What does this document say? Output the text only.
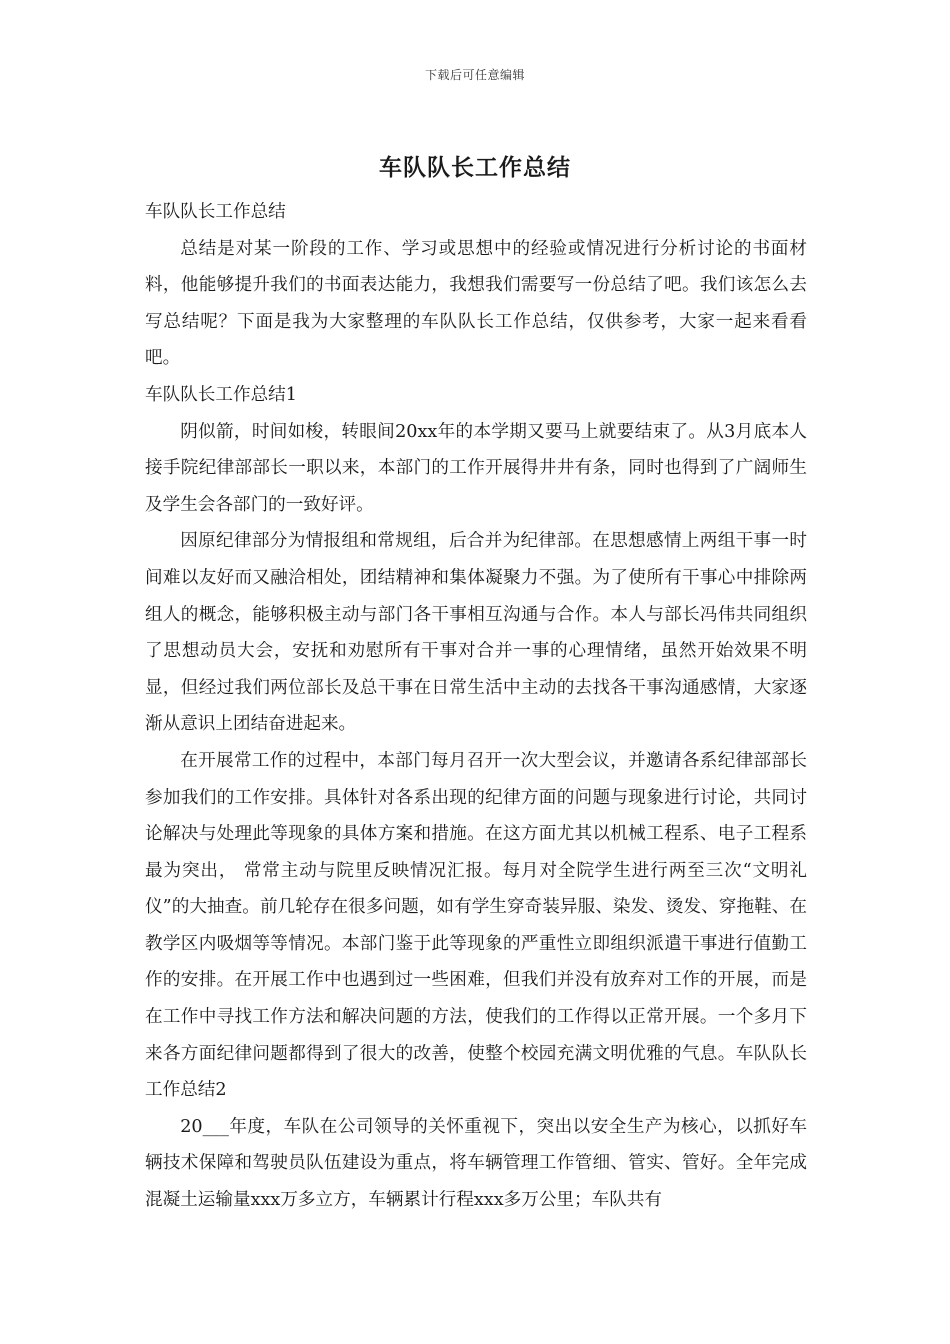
下载后可任意编辑
车队队长工作总结

车队队长工作总结

总结是对某一阶段的工作、学习或思想中的经验或情况进行分析讨论的书面材料，他能够提升我们的书面表达能力，我想我们需要写一份总结了吧。我们该怎么去写总结呢？下面是我为大家整理的车队队长工作总结，仅供参考，大家一起来看看吧。

车队队长工作总结1

阴似箭，时间如梭，转眼间20xx年的本学期又要马上就要结束了。从3月底本人接手院纪律部部长一职以来，本部门的工作开展得井井有条，同时也得到了广阔师生及学生会各部门的一致好评。

因原纪律部分为情报组和常规组，后合并为纪律部。在思想感情上两组干事一时间难以友好而又融洽相处，团结精神和集体凝聚力不强。为了使所有干事心中排除两组人的概念，能够积极主动与部门各干事相互沟通与合作。本人与部长冯伟共同组织了思想动员大会，安抚和劝慰所有干事对合并一事的心理情绪，虽然开始效果不明显，但经过我们两位部长及总干事在日常生活中主动的去找各干事沟通感情，大家逐渐从意识上团结奋进起来。

在开展常工作的过程中，本部门每月召开一次大型会议，并邀请各系纪律部部长参加我们的工作安排。具体针对各系出现的纪律方面的问题与现象进行讨论，共同讨论解决与处理此等现象的具体方案和措施。在这方面尤其以机械工程系、电子工程系最为突出， 常常主动与院里反映情况汇报。每月对全院学生进行两至三次“文明礼仪”的大抽查。前几轮存在很多问题，如有学生穿奇装异服、染发、烫发、穿拖鞋、在教学区内吸烟等等情况。本部门鉴于此等现象的严重性立即组织派遣干事进行值勤工作的安排。在开展工作中也遇到过一些困难，但我们并没有放弃对工作的开展，而是在工作中寻找工作方法和解决问题的方法，使我们的工作得以正常开展。一个多月下来各方面纪律问题都得到了很大的改善，使整个校园充满文明优雅的气息。车队队长工作总结2

20___年度，车队在公司领导的关怀重视下，突出以安全生产为核心，以抓好车辆技术保障和驾驶员队伍建设为重点，将车辆管理工作管细、管实、管好。全年完成混凝土运输量xxx万多立方，车辆累计行程xxx多万公里；车队共有
